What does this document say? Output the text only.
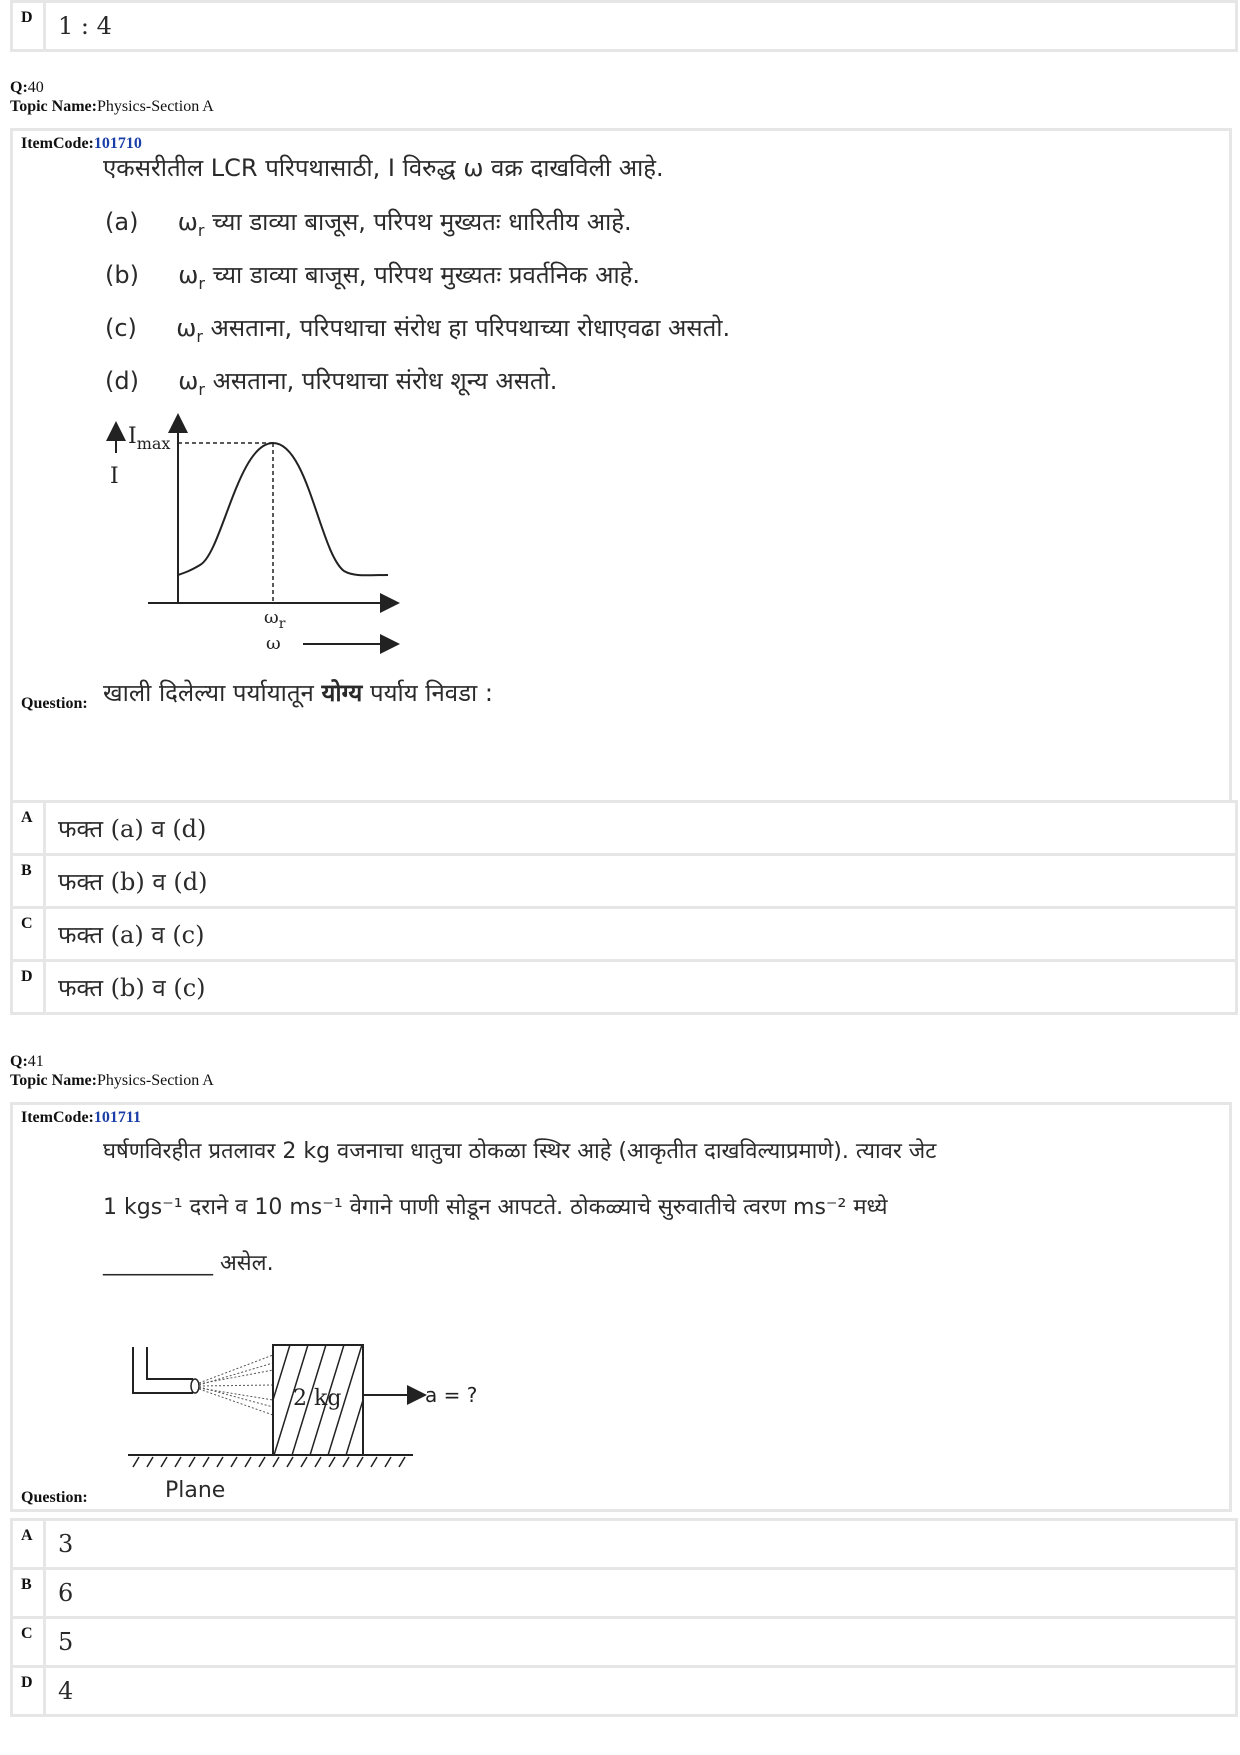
D	1 : 4
Q:40
Topic Name:Physics-Section A
ItemCode:101710
एकसरीतील LCR परिपथासाठी, I विरुद्ध ω वक्र दाखविली आहे.
(a) $\omega_r$ च्या डाव्या बाजूस, परिपथ मुख्यतः धारितीय आहे.
(b) $\omega_r$ च्या डाव्या बाजूस, परिपथ मुख्यतः प्रवर्तनिक आहे.
(c) $\omega_r$ असताना, परिपथाचा संरोध हा परिपथाच्या रोधाएवढा असतो.
(d) $\omega_r$ असताना, परिपथाचा संरोध शून्य असतो.
$I_{max}$
I
$\omega_r$
ω
Question: खाली दिलेल्या पर्यायातून योग्य पर्याय निवडा :
A	फक्त (a) व (d)
B	फक्त (b) व (d)
C	फक्त (a) व (c)
D	फक्त (b) व (c)
Q:41
Topic Name:Physics-Section A
ItemCode:101711
घर्षणविरहीत प्रतलावर 2 kg वजनाचा धातुचा ठोकळा स्थिर आहे (आकृतीत दाखविल्याप्रमाणे). त्यावर जेट
1 kgs⁻¹ दराने व 10 ms⁻¹ वेगाने पाणी सोडून आपटते. ठोकळ्याचे सुरुवातीचे त्वरण ms⁻² मध्ये
__________ असेल.
2 kg	a = ?
Plane
Question:
A	3
B	6
C	5
D	4
